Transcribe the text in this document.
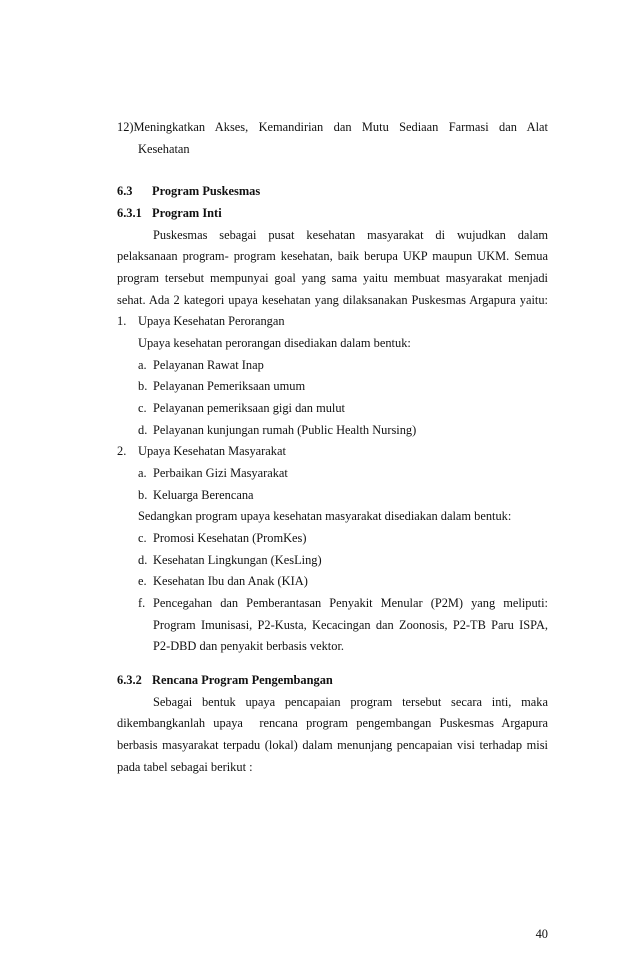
12)Meningkatkan Akses, Kemandirian dan Mutu Sediaan Farmasi dan Alat
Kesehatan
6.3 Program Puskesmas
6.3.1 Program Inti
Puskesmas sebagai pusat kesehatan masyarakat di wujudkan dalam
pelaksanaan program- program kesehatan, baik berupa UKP maupun UKM. Semua
program tersebut mempunyai goal yang sama yaitu membuat masyarakat menjadi
sehat. Ada 2 kategori upaya kesehatan yang dilaksanakan Puskesmas Argapura yaitu:
1. Upaya Kesehatan Perorangan
Upaya kesehatan perorangan disediakan dalam bentuk:
a. Pelayanan Rawat Inap
b. Pelayanan Pemeriksaan umum
c. Pelayanan pemeriksaan gigi dan mulut
d. Pelayanan kunjungan rumah (Public Health Nursing)
2. Upaya Kesehatan Masyarakat
a. Perbaikan Gizi Masyarakat
b. Keluarga Berencana
Sedangkan program upaya kesehatan masyarakat disediakan dalam bentuk:
c. Promosi Kesehatan (PromKes)
d. Kesehatan Lingkungan (KesLing)
e. Kesehatan Ibu dan Anak (KIA)
f. Pencegahan dan Pemberantasan Penyakit Menular (P2M) yang meliputi:
Program Imunisasi, P2-Kusta, Kecacingan dan Zoonosis, P2-TB Paru ISPA,
P2-DBD dan penyakit berbasis vektor.
6.3.2 Rencana Program Pengembangan
Sebagai bentuk upaya pencapaian program tersebut secara inti, maka
dikembangkanlah upaya  rencana program pengembangan Puskesmas Argapura
berbasis masyarakat terpadu (lokal) dalam menunjang pencapaian visi terhadap misi
pada tabel sebagai berikut :
40
